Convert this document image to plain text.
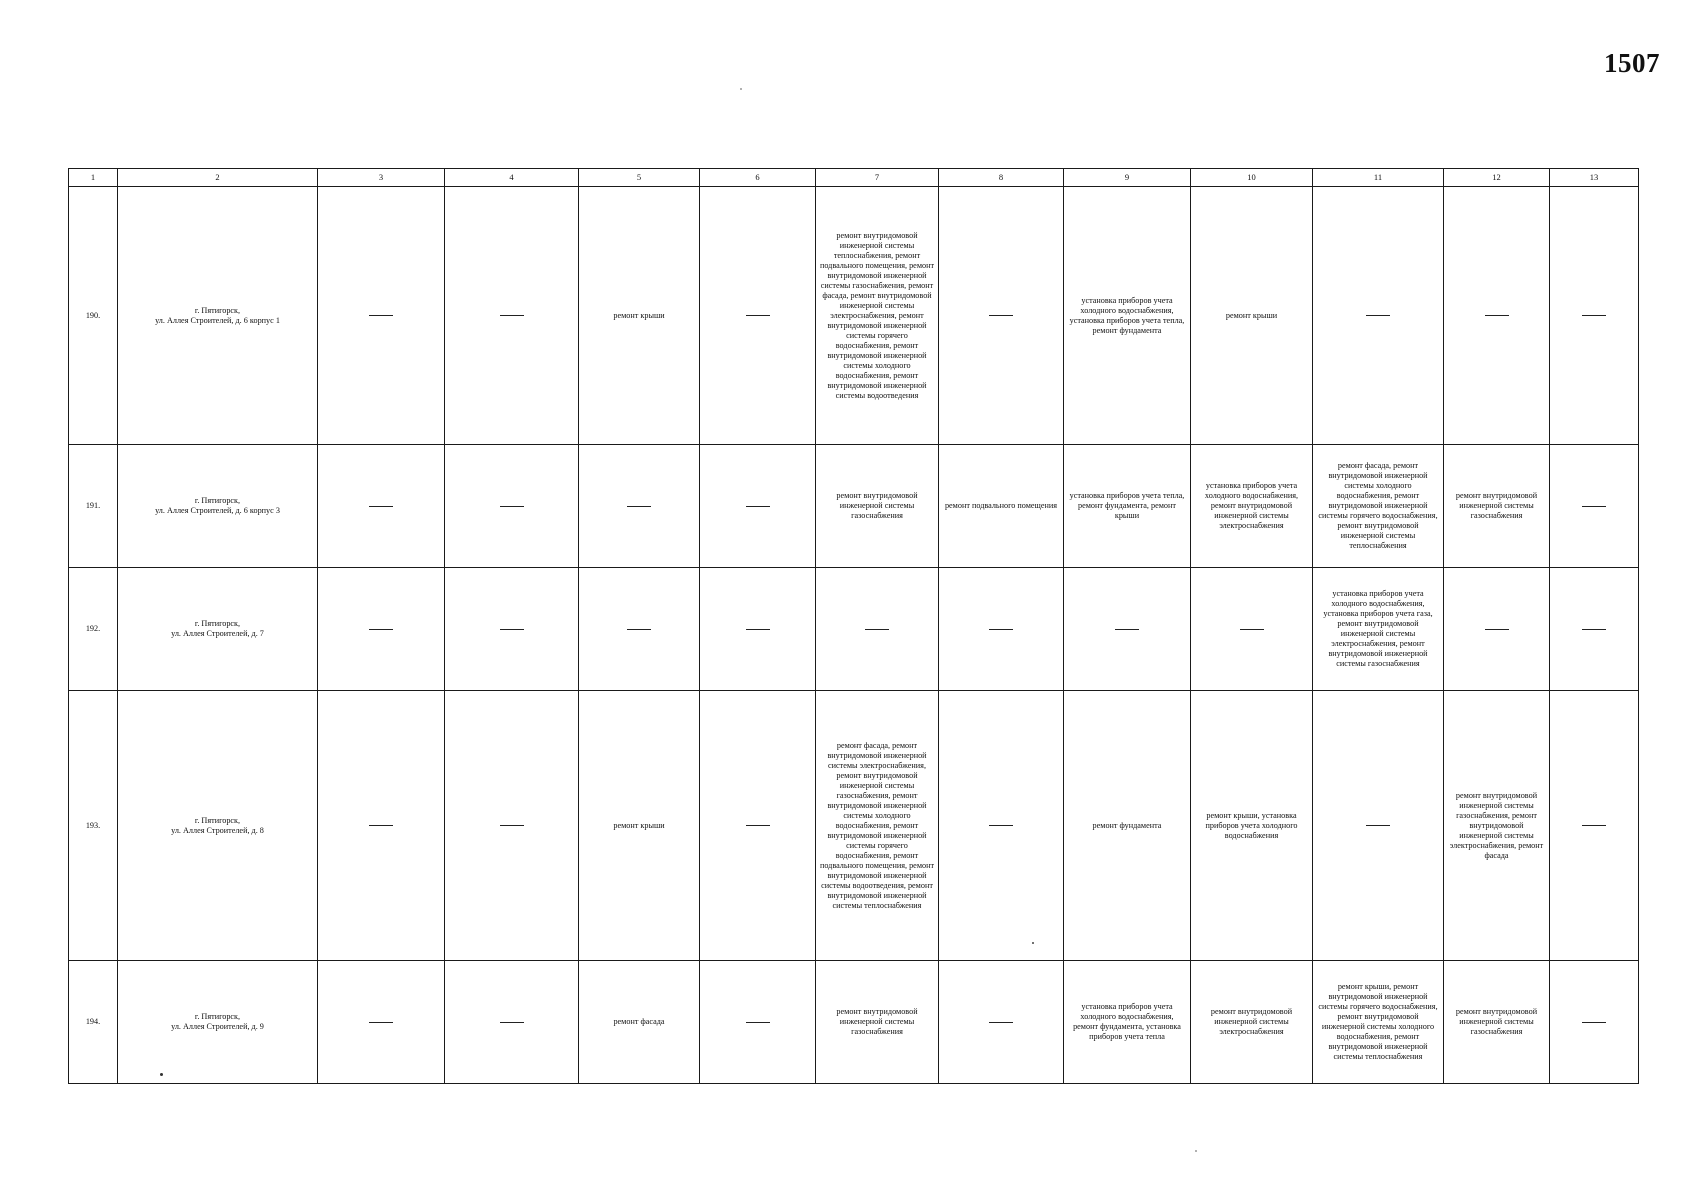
1507
1	2	3	4	5	6	7	8	9	10	11	12	13
190.	г. Пятигорск,
ул. Аллея Строителей, д. 6 корпус 1			ремонт крыши		ремонт внутридомовой инженерной системы теплоснабжения, ремонт подвального помещения, ремонт внутридомовой инженерной системы газоснабжения, ремонт фасада, ремонт внутридомовой инженерной системы электроснабжения, ремонт внутридомовой инженерной системы горячего водоснабжения, ремонт внутридомовой инженерной системы холодного водоснабжения, ремонт внутридомовой инженерной системы водоотведения		установка приборов учета холодного водоснабжения, установка приборов учета тепла, ремонт фундамента	ремонт крыши			
191.	г. Пятигорск,
ул. Аллея Строителей, д. 6 корпус 3					ремонт внутридомовой инженерной системы газоснабжения	ремонт подвального помещения	установка приборов учета тепла, ремонт фундамента, ремонт крыши	установка приборов учета холодного водоснабжения, ремонт внутридомовой инженерной системы электроснабжения	ремонт фасада, ремонт внутридомовой инженерной системы холодного водоснабжения, ремонт внутридомовой инженерной системы горячего водоснабжения, ремонт внутридомовой инженерной системы теплоснабжения	ремонт внутридомовой инженерной системы газоснабжения	
192.	г. Пятигорск,
ул. Аллея Строителей, д. 7									установка приборов учета холодного водоснабжения, установка приборов учета газа, ремонт внутридомовой инженерной системы электроснабжения, ремонт внутридомовой инженерной системы газоснабжения		
193.	г. Пятигорск,
ул. Аллея Строителей, д. 8			ремонт крыши		ремонт фасада, ремонт внутридомовой инженерной системы электроснабжения, ремонт внутридомовой инженерной системы газоснабжения, ремонт внутридомовой инженерной системы холодного водоснабжения, ремонт внутридомовой инженерной системы горячего водоснабжения, ремонт подвального помещения, ремонт внутридомовой инженерной системы водоотведения, ремонт внутридомовой инженерной системы теплоснабжения		ремонт фундамента	ремонт крыши, установка приборов учета холодного водоснабжения		ремонт внутридомовой инженерной системы газоснабжения, ремонт внутридомовой инженерной системы электроснабжения, ремонт фасада	
194.	г. Пятигорск,
ул. Аллея Строителей, д. 9			ремонт фасада		ремонт внутридомовой инженерной системы газоснабжения		установка приборов учета холодного водоснабжения, ремонт фундамента, установка приборов учета тепла	ремонт внутридомовой инженерной системы электроснабжения	ремонт крыши, ремонт внутридомовой инженерной системы горячего водоснабжения, ремонт внутридомовой инженерной системы холодного водоснабжения, ремонт внутридомовой инженерной системы теплоснабжения	ремонт внутридомовой инженерной системы газоснабжения	
